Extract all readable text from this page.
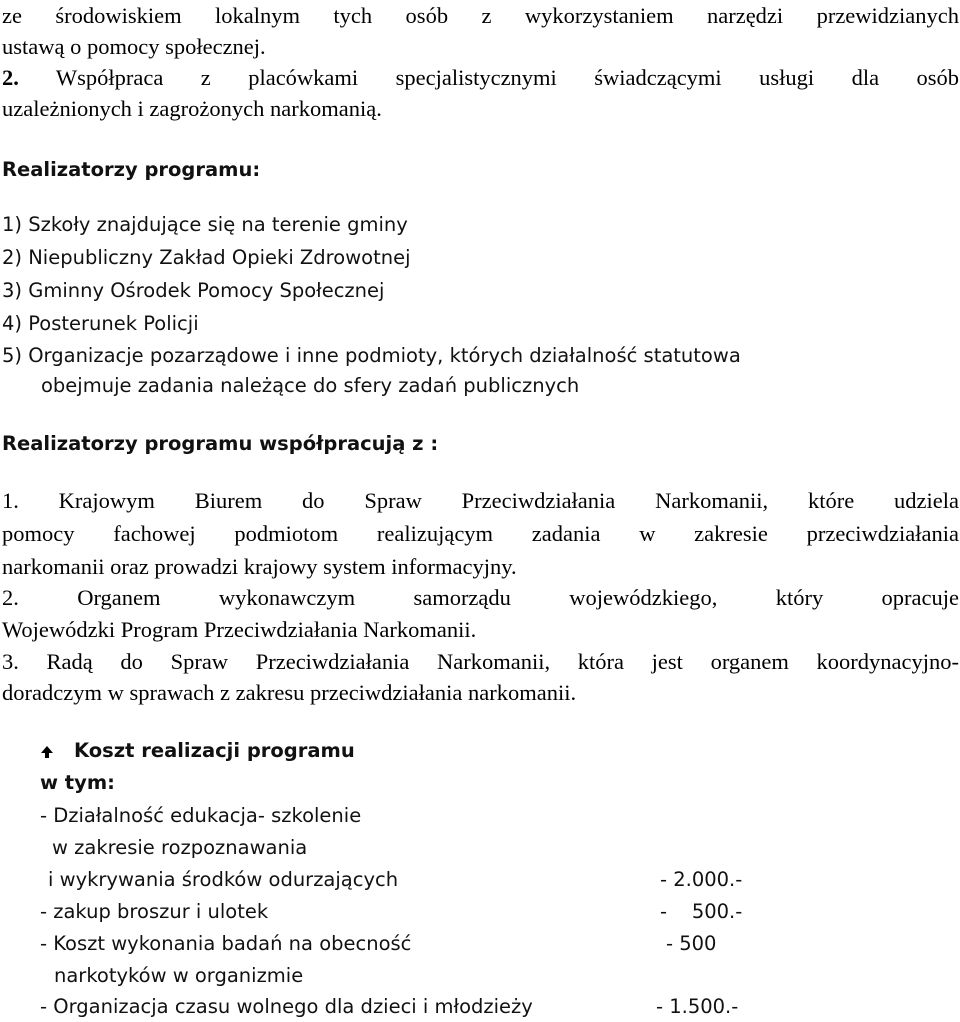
ze środowiskiem lokalnym tych osób z wykorzystaniem narzędzi przewidzianych
ustawą o pomocy społecznej.
2. Współpraca z placówkami specjalistycznymi świadczącymi usługi dla osób
uzależnionych i zagrożonych narkomanią.
Realizatorzy programu:
1) Szkoły znajdujące się na terenie gminy
2) Niepubliczny Zakład Opieki Zdrowotnej
3) Gminny Ośrodek Pomocy Społecznej
4) Posterunek Policji
5) Organizacje pozarządowe i inne podmioty, których działalność statutowa
obejmuje zadania należące do sfery zadań publicznych
Realizatorzy programu współpracują z :
1. Krajowym Biurem do Spraw Przeciwdziałania Narkomanii, które udziela
pomocy fachowej podmiotom realizującym zadania w zakresie przeciwdziałania
narkomanii oraz prowadzi krajowy system informacyjny.
2. Organem wykonawczym samorządu wojewódzkiego, który opracuje
Wojewódzki Program Przeciwdziałania Narkomanii.
3. Radą do Spraw Przeciwdziałania Narkomanii, która jest organem koordynacyjno-
doradczym w sprawach z zakresu przeciwdziałania narkomanii.
Koszt realizacji programu
w tym:
- Działalność edukacja- szkolenie
w zakresie rozpoznawania
i wykrywania środków odurzających	- 2.000.-
- zakup broszur i ulotek	-    500.-
- Koszt wykonania badań na obecność	- 500
narkotyków w organizmie
- Organizacja czasu wolnego dla dzieci i młodzieży	- 1.500.-
